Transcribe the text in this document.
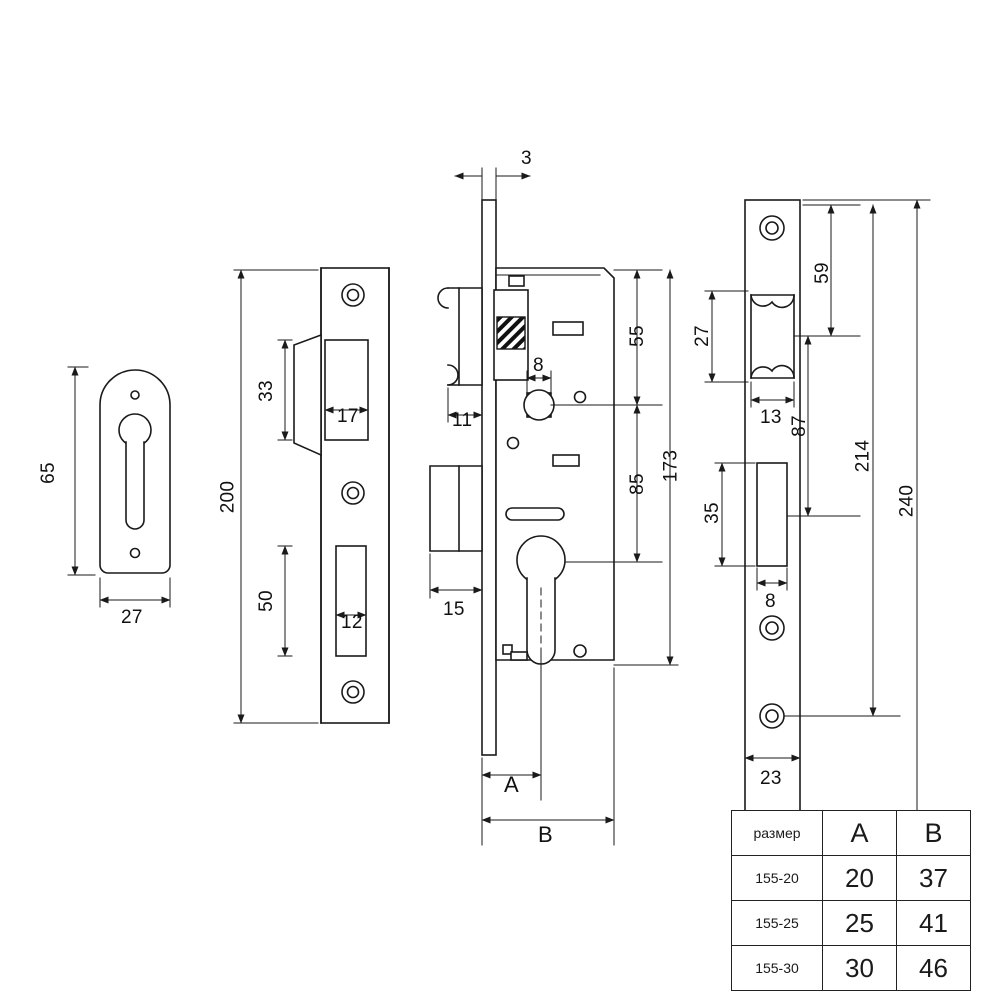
65
27
200
33
17
50
12
3
11
8
15
55
85
173
A
B
59
27
13 87
214
240
35
8
23
размер	A	B
155-20	20	37
155-25	25	41
155-30	30	46
